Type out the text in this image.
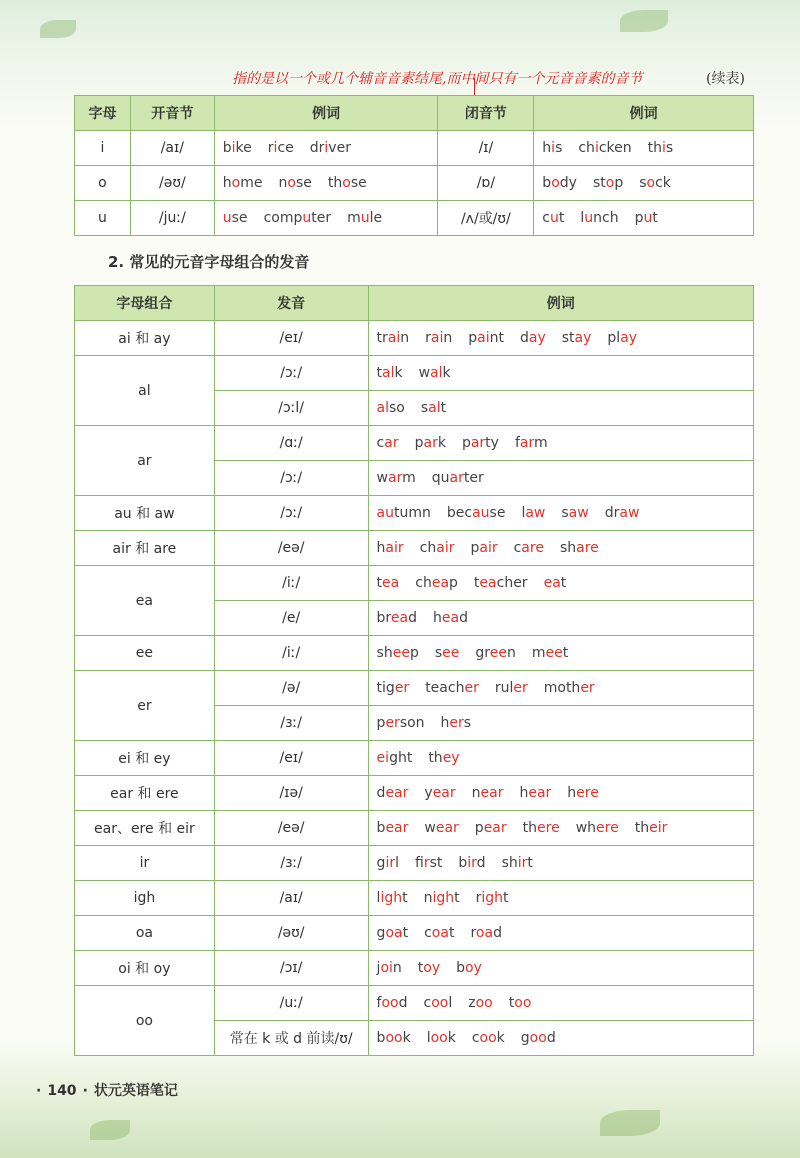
指的是以一个或几个辅音音素结尾,而中间只有一个元音音素的音节	(续表)
字母	开音节	例词	闭音节	例词
i	/aɪ/	bike rice driver	/ɪ/	his chicken this
o	/əʊ/	home nose those	/ɒ/	body stop sock
u	/juː/	use computer mule	/ʌ/或/ʊ/	cut lunch put
2. 常见的元音字母组合的发音
字母组合	发音	例词
ai 和 ay	/eɪ/	train rain paint day stay play
al	/ɔː/	talk walk
	/ɔːl/	also salt
ar	/ɑː/	car park party farm
	/ɔː/	warm quarter
au 和 aw	/ɔː/	autumn because law saw draw
air 和 are	/eə/	hair chair pair care share
ea	/iː/	tea cheap teacher eat
	/e/	bread head
ee	/iː/	sheep see green meet
er	/ə/	tiger teacher ruler mother
	/ɜː/	person hers
ei 和 ey	/eɪ/	eight they
ear 和 ere	/ɪə/	dear year near hear here
ear、ere 和 eir	/eə/	bear wear pear there where their
ir	/ɜː/	girl first bird shirt
igh	/aɪ/	light night right
oa	/əʊ/	goat coat road
oi 和 oy	/ɔɪ/	join toy boy
oo	/uː/	food cool zoo too
	常在 k 或 d 前读/ʊ/	book look cook good
· 140 · 状元英语笔记
